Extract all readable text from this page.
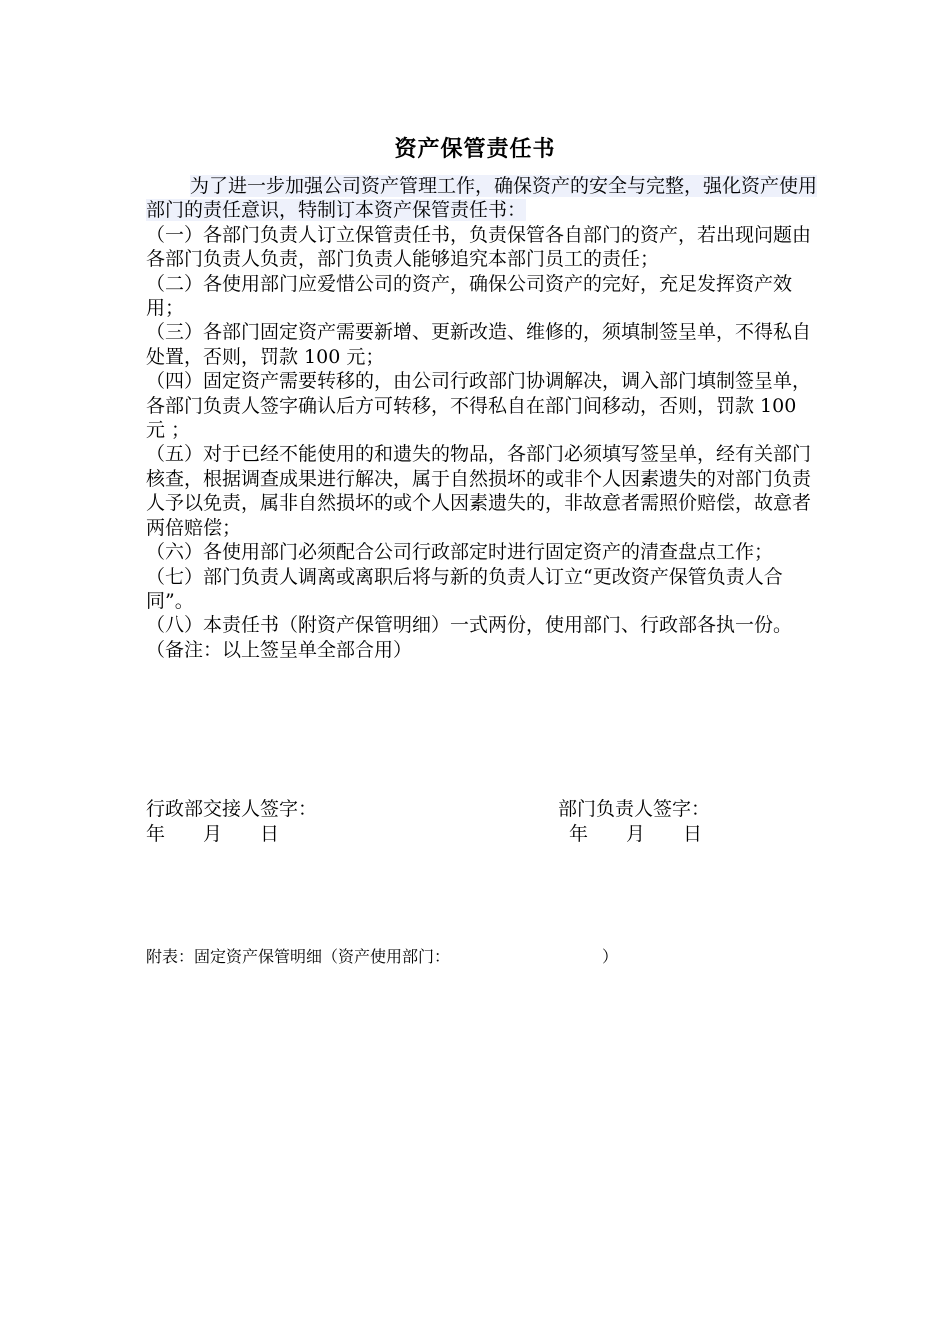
资产保管责任书

为了进一步加强公司资产管理工作，确保资产的安全与完整，强化资产使用部门的责任意识，特制订本资产保管责任书：

（一）各部门负责人订立保管责任书，负责保管各自部门的资产，若出现问题由各部门负责人负责，部门负责人能够追究本部门员工的责任；

（二）各使用部门应爱惜公司的资产，确保公司资产的完好，充足发挥资产效用；

（三）各部门固定资产需要新增、更新改造、维修的，须填制签呈单，不得私自处置，否则，罚款 100 元；

（四）固定资产需要转移的，由公司行政部门协调解决，调入部门填制签呈单，各部门负责人签字确认后方可转移，不得私自在部门间移动，否则，罚款 100 元 ；

（五）对于已经不能使用的和遗失的物品，各部门必须填写签呈单，经有关部门核查，根据调查成果进行解决，属于自然损坏的或非个人因素遗失的对部门负责人予以免责，属非自然损坏的或个人因素遗失的，非故意者需照价赔偿，故意者两倍赔偿；

（六）各使用部门必须配合公司行政部定时进行固定资产的清查盘点工作；

（七）部门负责人调离或离职后将与新的负责人订立“更改资产保管负责人合同”。

（八）本责任书（附资产保管明细）一式两份，使用部门、行政部各执一份。

（备注：以上签呈单全部合用）

行政部交接人签字：
年　　月　　日
部门负责人签字：
年　　月　　日
附表：固定资产保管明细（资产使用部门：　　　　　　　　　　）
